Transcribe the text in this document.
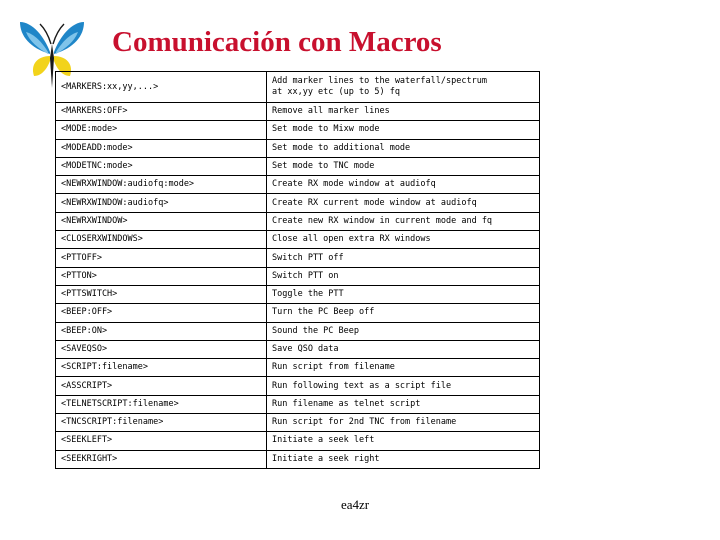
Comunicación con Macros
<MARKERS:xx,yy,...>	Add marker lines to the waterfall/spectrum
at xx,yy etc (up to 5) fq
<MARKERS:OFF>	Remove all marker lines
<MODE:mode>	Set mode to Mixw mode
<MODEADD:mode>	Set mode to additional mode
<MODETNC:mode>	Set mode to TNC mode
<NEWRXWINDOW:audiofq:mode>	Create RX mode window at audiofq
<NEWRXWINDOW:audiofq>	Create RX current mode window at audiofq
<NEWRXWINDOW>	Create new RX window in current mode and fq
<CLOSERXWINDOWS>	Close all open extra RX windows
<PTTOFF>	Switch PTT off
<PTTON>	Switch PTT on
<PTTSWITCH>	Toggle the PTT
<BEEP:OFF>	Turn the PC Beep off
<BEEP:ON>	Sound the PC Beep
<SAVEQSO>	Save QSO data
<SCRIPT:filename>	Run script from filename
<ASSCRIPT>	Run following text as a script file
<TELNETSCRIPT:filename>	Run filename as telnet script
<TNCSCRIPT:filename>	Run script for 2nd TNC from filename
<SEEKLEFT>	Initiate a seek left
<SEEKRIGHT>	Initiate a seek right
ea4zr
